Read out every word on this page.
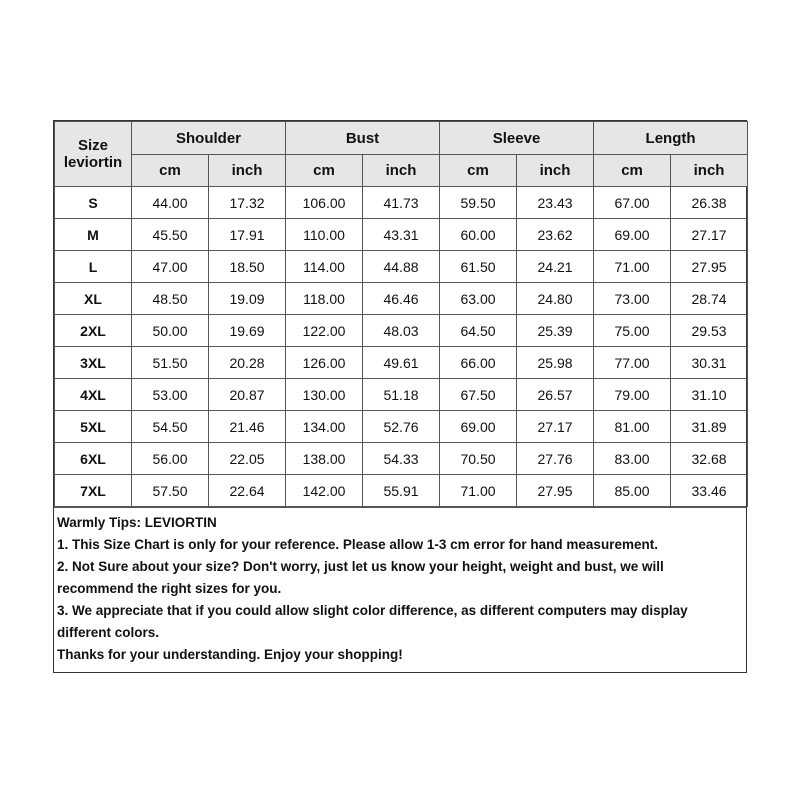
Size
leviortin	Shoulder		Bust		Sleeve		Length	
	cm	inch	cm	inch	cm	inch	cm	inch
S	44.00	17.32	106.00	41.73	59.50	23.43	67.00	26.38
M	45.50	17.91	110.00	43.31	60.00	23.62	69.00	27.17
L	47.00	18.50	114.00	44.88	61.50	24.21	71.00	27.95
XL	48.50	19.09	118.00	46.46	63.00	24.80	73.00	28.74
2XL	50.00	19.69	122.00	48.03	64.50	25.39	75.00	29.53
3XL	51.50	20.28	126.00	49.61	66.00	25.98	77.00	30.31
4XL	53.00	20.87	130.00	51.18	67.50	26.57	79.00	31.10
5XL	54.50	21.46	134.00	52.76	69.00	27.17	81.00	31.89
6XL	56.00	22.05	138.00	54.33	70.50	27.76	83.00	32.68
7XL	57.50	22.64	142.00	55.91	71.00	27.95	85.00	33.46
Warmly Tips: LEVIORTIN
1. This Size Chart is only for your reference. Please allow 1-3 cm error for hand measurement.
2. Not Sure about your size? Don't worry, just let us know your height, weight and bust, we will
recommend the right sizes for you.
3. We appreciate that if you could allow slight color difference, as different computers may display
different colors.
Thanks for your understanding. Enjoy your shopping!
